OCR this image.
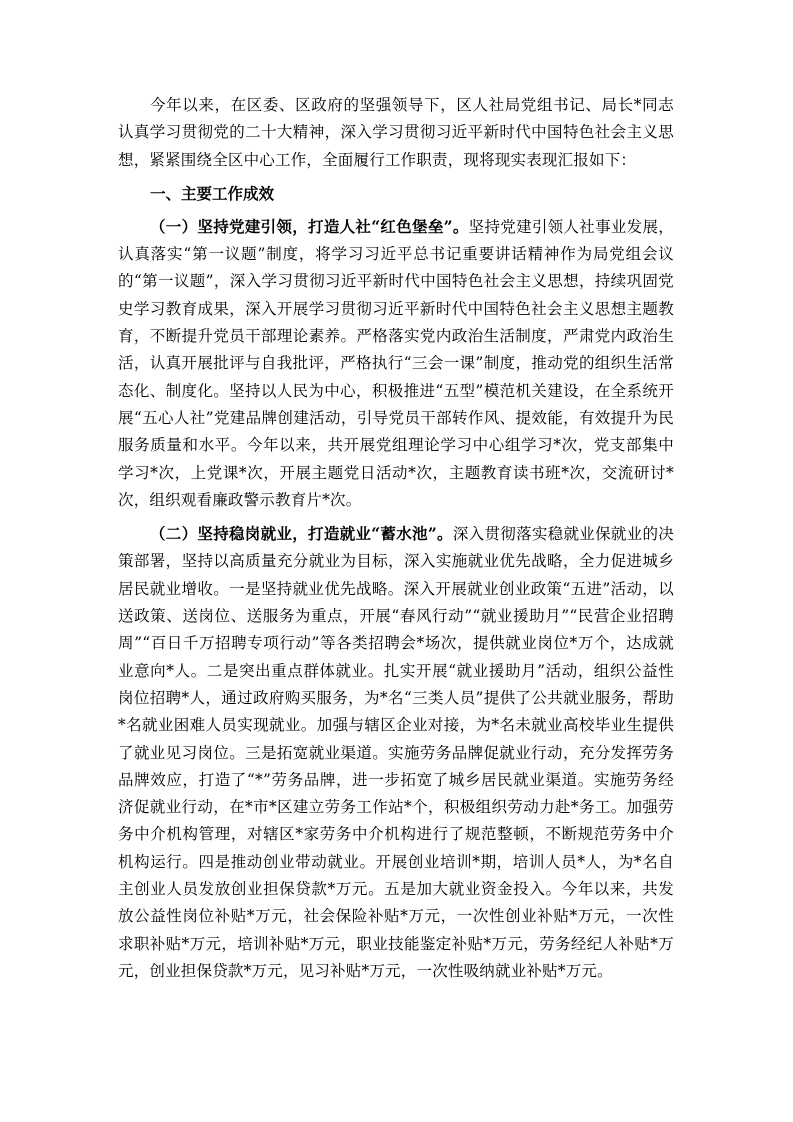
今年以来，在区委、区政府的坚强领导下，区人社局党组书记、局长*同志认真学习贯彻党的二十大精神，深入学习贯彻习近平新时代中国特色社会主义思想，紧紧围绕全区中心工作，全面履行工作职责，现将现实表现汇报如下：

一、主要工作成效

（一）坚持党建引领，打造人社“红色堡垒”。坚持党建引领人社事业发展，认真落实“第一议题”制度，将学习习近平总书记重要讲话精神作为局党组会议的“第一议题”，深入学习贯彻习近平新时代中国特色社会主义思想，持续巩固党史学习教育成果，深入开展学习贯彻习近平新时代中国特色社会主义思想主题教育，不断提升党员干部理论素养。严格落实党内政治生活制度，严肃党内政治生活，认真开展批评与自我批评，严格执行“三会一课”制度，推动党的组织生活常态化、制度化。坚持以人民为中心，积极推进“五型”模范机关建设，在全系统开展“五心人社”党建品牌创建活动，引导党员干部转作风、提效能，有效提升为民服务质量和水平。今年以来，共开展党组理论学习中心组学习*次，党支部集中学习*次，上党课*次，开展主题党日活动*次，主题教育读书班*次，交流研讨*次，组织观看廉政警示教育片*次。

（二）坚持稳岗就业，打造就业“蓄水池”。深入贯彻落实稳就业保就业的决策部署，坚持以高质量充分就业为目标，深入实施就业优先战略，全力促进城乡居民就业增收。一是坚持就业优先战略。深入开展就业创业政策“五进”活动，以送政策、送岗位、送服务为重点，开展“春风行动”“就业援助月”“民营企业招聘周”“百日千万招聘专项行动”等各类招聘会*场次，提供就业岗位*万个，达成就业意向*人。二是突出重点群体就业。扎实开展“就业援助月”活动，组织公益性岗位招聘*人，通过政府购买服务，为*名“三类人员”提供了公共就业服务，帮助*名就业困难人员实现就业。加强与辖区企业对接，为*名未就业高校毕业生提供了就业见习岗位。三是拓宽就业渠道。实施劳务品牌促就业行动，充分发挥劳务品牌效应，打造了“*”劳务品牌，进一步拓宽了城乡居民就业渠道。实施劳务经济促就业行动，在*市*区建立劳务工作站*个，积极组织劳动力赴*务工。加强劳务中介机构管理，对辖区*家劳务中介机构进行了规范整顿，不断规范劳务中介机构运行。四是推动创业带动就业。开展创业培训*期，培训人员*人，为*名自主创业人员发放创业担保贷款*万元。五是加大就业资金投入。今年以来，共发放公益性岗位补贴*万元，社会保险补贴*万元，一次性创业补贴*万元，一次性求职补贴*万元，培训补贴*万元，职业技能鉴定补贴*万元，劳务经纪人补贴*万元，创业担保贷款*万元，见习补贴*万元，一次性吸纳就业补贴*万元。
